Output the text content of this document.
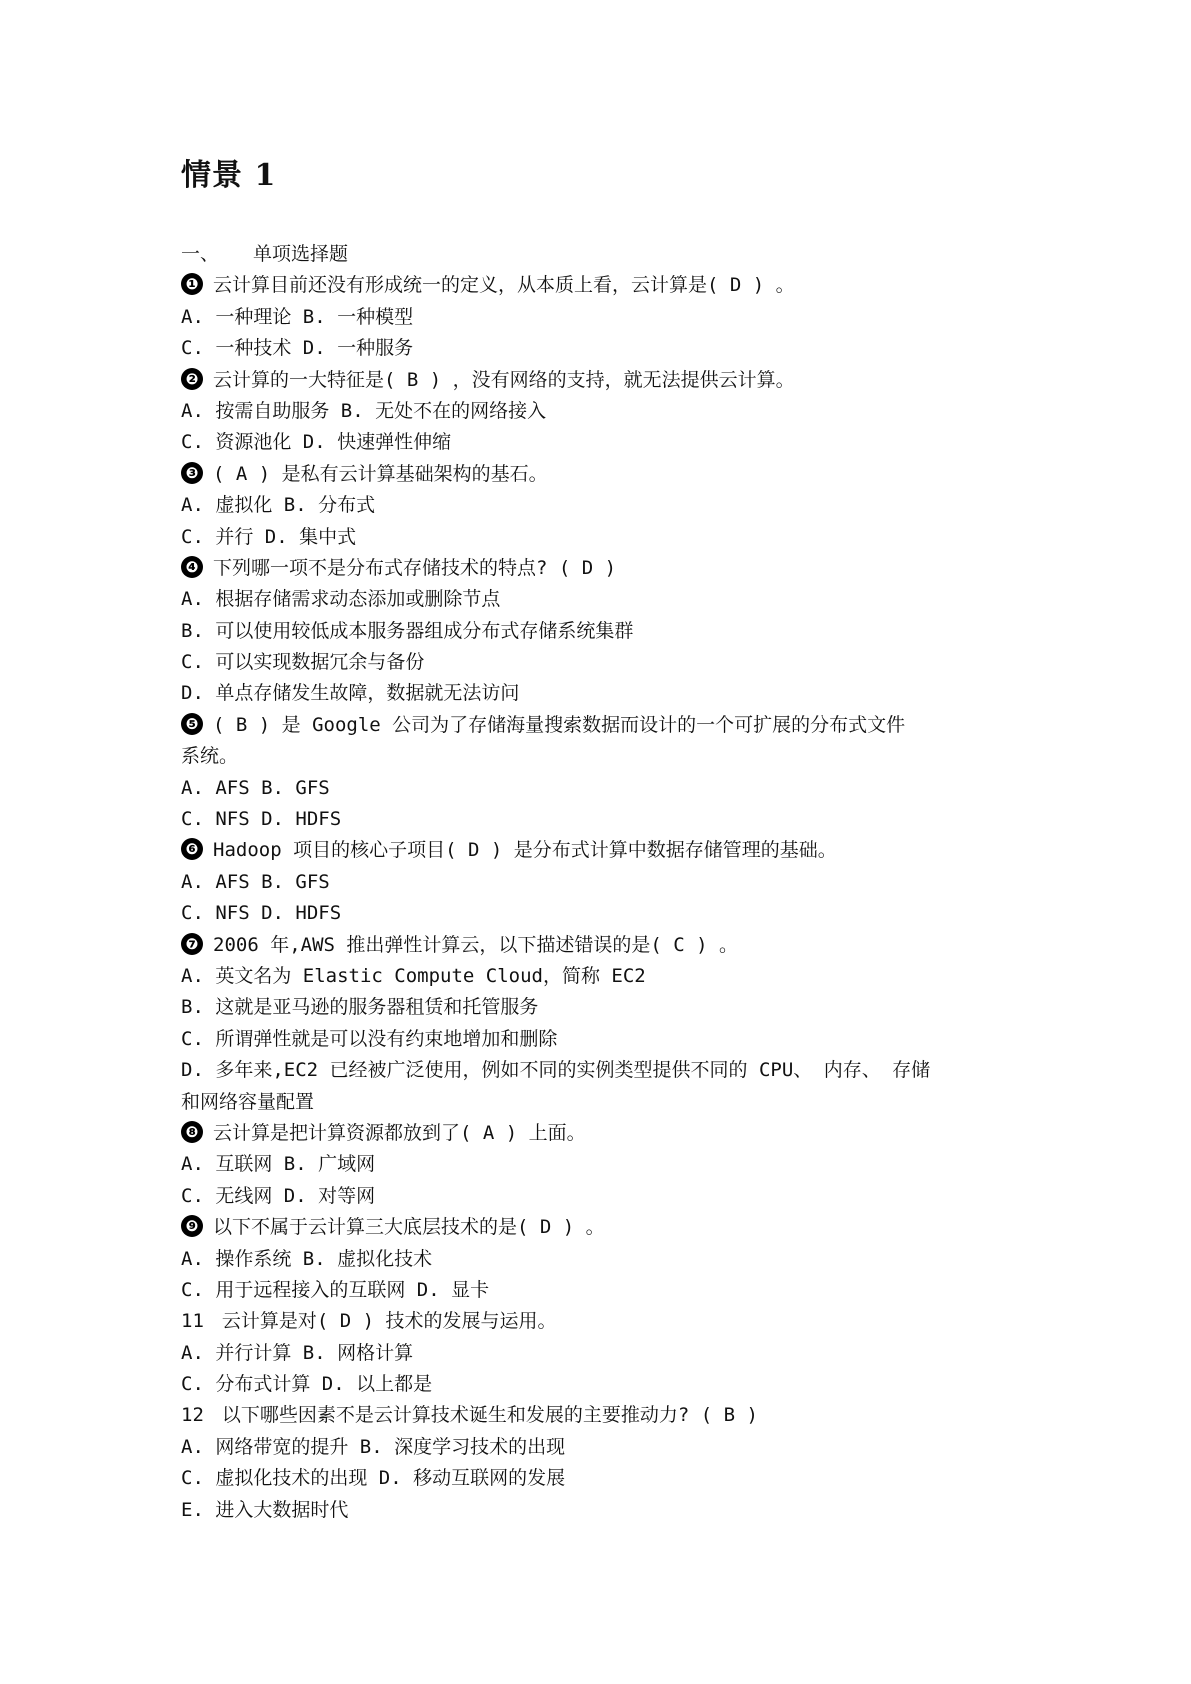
情景 1
一、 单项选择题
❶ 云计算目前还没有形成统一的定义，从本质上看，云计算是( D ) 。
A. 一种理论 B. 一种模型
C. 一种技术 D. 一种服务
❷ 云计算的一大特征是( B ) ，没有网络的支持，就无法提供云计算。
A. 按需自助服务 B. 无处不在的网络接入
C. 资源池化 D. 快速弹性伸缩
❸ ( A ) 是私有云计算基础架构的基石。
A. 虚拟化 B. 分布式
C. 并行 D. 集中式
❹ 下列哪一项不是分布式存储技术的特点? ( D )
A. 根据存储需求动态添加或删除节点
B. 可以使用较低成本服务器组成分布式存储系统集群
C. 可以实现数据冗余与备份
D. 单点存储发生故障，数据就无法访问
❺ ( B ) 是 Google 公司为了存储海量搜索数据而设计的一个可扩展的分布式文件
系统。
A. AFS B. GFS
C. NFS D. HDFS
❻ Hadoop 项目的核心子项目( D ) 是分布式计算中数据存储管理的基础。
A. AFS B. GFS
C. NFS D. HDFS
❼ 2006 年,AWS 推出弹性计算云，以下描述错误的是( C ) 。
A. 英文名为 Elastic Compute Cloud，简称 EC2
B. 这就是亚马逊的服务器租赁和托管服务
C. 所谓弹性就是可以没有约束地增加和删除
D. 多年来,EC2 已经被广泛使用，例如不同的实例类型提供不同的 CPU、 内存、 存储
和网络容量配置
❽ 云计算是把计算资源都放到了( A ) 上面。
A. 互联网 B. 广域网
C. 无线网 D. 对等网
❾ 以下不属于云计算三大底层技术的是( D ) 。
A. 操作系统 B. 虚拟化技术
C. 用于远程接入的互联网 D. 显卡
11 云计算是对( D ) 技术的发展与运用。
A. 并行计算 B. 网格计算
C. 分布式计算 D. 以上都是
12 以下哪些因素不是云计算技术诞生和发展的主要推动力? ( B )
A. 网络带宽的提升 B. 深度学习技术的出现
C. 虚拟化技术的出现 D. 移动互联网的发展
E. 进入大数据时代
